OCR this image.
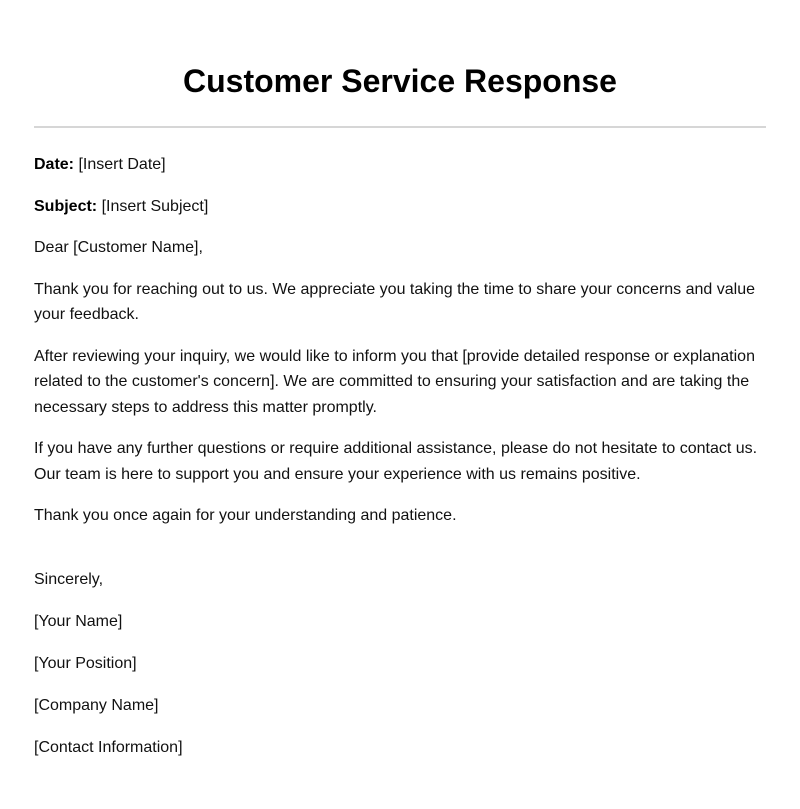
Customer Service Response

Date: [Insert Date]

Subject: [Insert Subject]

Dear [Customer Name],

Thank you for reaching out to us. We appreciate you taking the time to share your concerns and value your feedback.

After reviewing your inquiry, we would like to inform you that [provide detailed response or explanation related to the customer's concern]. We are committed to ensuring your satisfaction and are taking the necessary steps to address this matter promptly.

If you have any further questions or require additional assistance, please do not hesitate to contact us. Our team is here to support you and ensure your experience with us remains positive.

Thank you once again for your understanding and patience.

Sincerely,

[Your Name]

[Your Position]

[Company Name]

[Contact Information]
